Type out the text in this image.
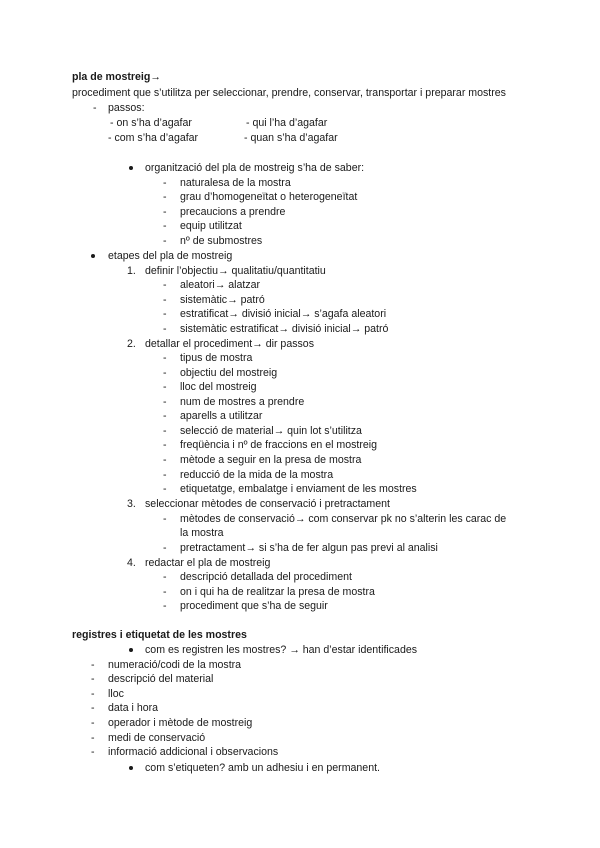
pla de mostreig→
procediment que s’utilitza per seleccionar, prendre, conservar, transportar i preparar mostres
- passos:
- on s’ha d’agafar	- qui l’ha d’agafar
- com s’ha d’agafar	- quan s’ha d’agafar
organització del pla de mostreig s’ha de saber:
- naturalesa de la mostra
- grau d’homogeneïtat o heterogeneïtat
- precaucions a prendre
- equip utilitzat
- nº de submostres
etapes del pla de mostreig
1. definir l’objectiu→ qualitatiu/quantitatiu
- aleatori→ alatzar
- sistemàtic→ patró
- estratificat→ divisió inicial→ s’agafa aleatori
- sistemàtic estratificat→ divisió inicial→ patró
2. detallar el procediment→ dir passos
- tipus de mostra
- objectiu del mostreig
- lloc del mostreig
- num de mostres a prendre
- aparells a utilitzar
- selecció de material→ quin lot s’utilitza
- freqüència i nº de fraccions en el mostreig
- mètode a seguir en la presa de mostra
- reducció de la mida de la mostra
- etiquetatge, embalatge i enviament de les mostres
3. seleccionar mètodes de conservació i pretractament
- mètodes de conservació→ com conservar pk no s’alterin les carac de
la mostra
- pretractament→ si s’ha de fer algun pas previ al analisi
4. redactar el pla de mostreig
- descripció detallada del procediment
- on i qui ha de realitzar la presa de mostra
- procediment que s’ha de seguir
registres i etiquetat de les mostres
com es registren les mostres? → han d’estar identificades
- numeració/codi de la mostra
- descripció del material
- lloc
- data i hora
- operador i mètode de mostreig
- medi de conservació
- informació addicional i observacions
com s’etiqueten? amb un adhesiu i en permanent.
